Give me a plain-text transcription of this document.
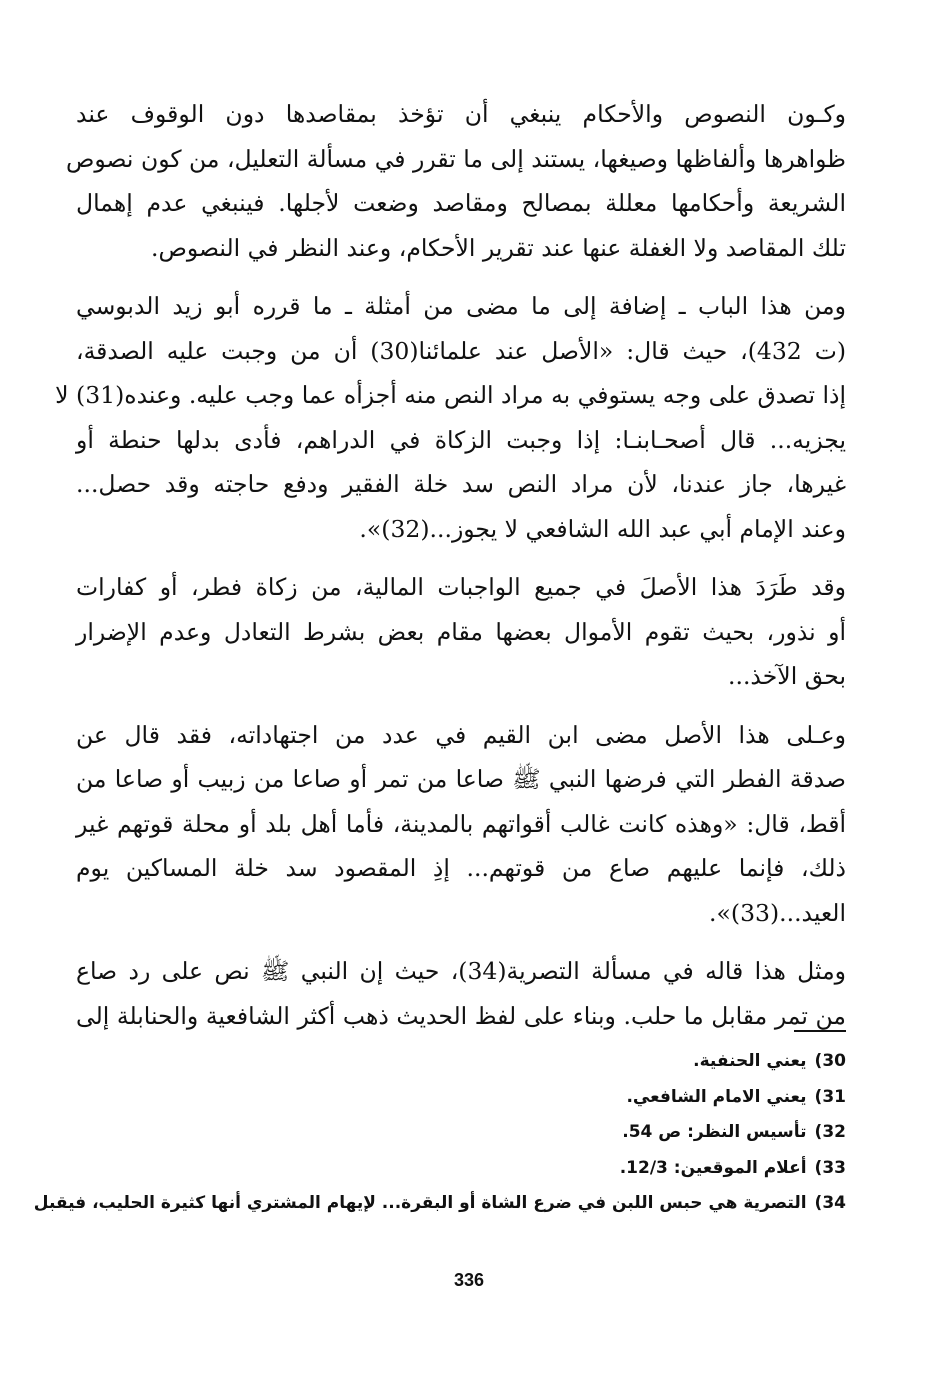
وكـون النصوص والأحكام ينبغي أن تؤخذ بمقاصدها دون الوقوف عند
ظواهرها وألفاظها وصيغها، يستند إلى ما تقرر في مسألة التعليل، من كون نصوص
الشريعة وأحكامها معللة بمصالح ومقاصد وضعت لأجلها. فينبغي عدم إهمال
تلك المقاصد ولا الغفلة عنها عند تقرير الأحكام، وعند النظر في النصوص.

ومن هذا الباب ـ إضافة إلى ما مضى من أمثلة ـ ما قرره أبو زيد الدبوسي
(ت 432)، حيث قال: «الأصل عند علمائنا(30) أن من وجبت عليه الصدقة،
إذا تصدق على وجه يستوفي به مراد النص منه أجزأه عما وجب عليه. وعنده(31) لا
يجزيه... قال أصحـابنـا: إذا وجبت الزكاة في الدراهم، فأدى بدلها حنطة أو
غيرها، جاز عندنا، لأن مراد النص سد خلة الفقير ودفع حاجته وقد حصل...
وعند الإمام أبي عبد الله الشافعي لا يجوز...(32)».

وقد طَرَدَ هذا الأصلَ في جميع الواجبات المالية، من زكاة فطر، أو كفارات
أو نذور، بحيث تقوم الأموال بعضها مقام بعض بشرط التعادل وعدم الإضرار
بحق الآخذ...

وعـلى هذا الأصل مضى ابن القيم في عدد من اجتهاداته، فقد قال عن
صدقة الفطر التي فرضها النبي ﷺ صاعا من تمر أو صاعا من زبيب أو صاعا من
أقط، قال: «وهذه كانت غالب أقواتهم بالمدينة، فأما أهل بلد أو محلة قوتهم غير
ذلك، فإنما عليهم صاع من قوتهم... إذِ المقصود سد خلة المساكين يوم
العيد...(33)».

ومثل هذا قاله في مسألة التصرية(34)، حيث إن النبي ﷺ نص على رد صاع
من تمر مقابل ما حلب. وبناء على لفظ الحديث ذهب أكثر الشافعية والحنابلة إلى

30)يعني الحنفية.
31)يعني الامام الشافعي.
32)تأسيس النظر: ص 54.
33)أعلام الموقعين: 12/3.
34)التصرية هي حبس اللبن في ضرع الشاة أو البقرة... لإيهام المشتري أنها كثيرة الحليب، فيقبل
336
